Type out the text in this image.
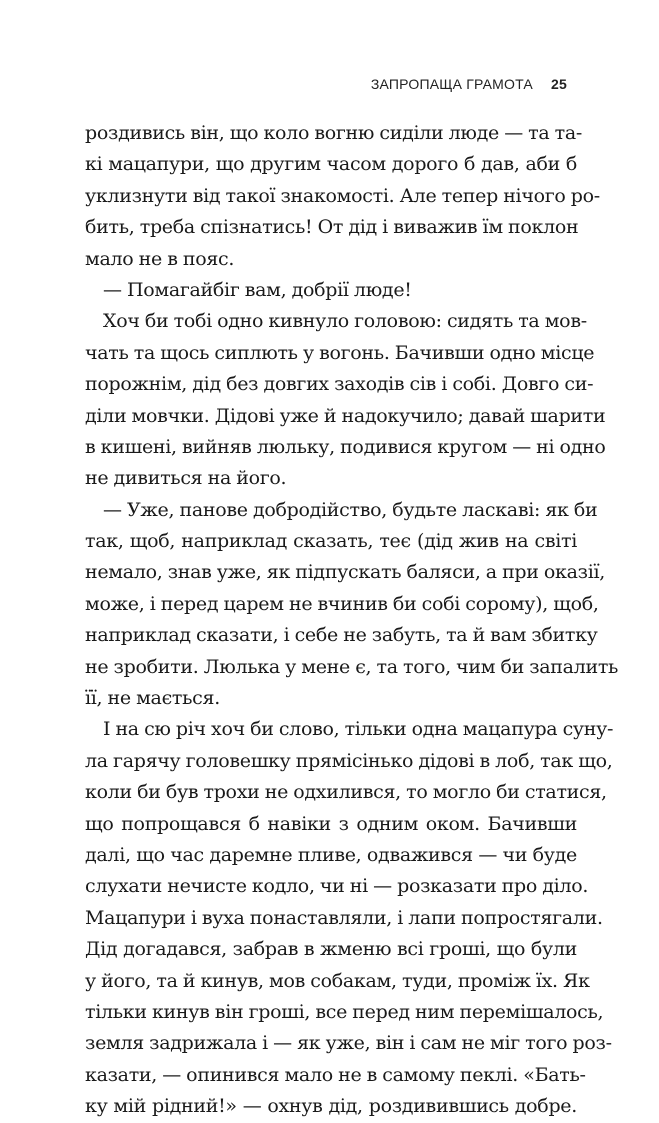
ЗАПРОПАЩА ГРАМОТА 25
роздивись він, що коло вогню сиділи люде — та та-
кі мацапури, що другим часом дорого б дав, аби б
уклизнути від такої знакомості. Але тепер нічого ро-
бить, треба спізнатись! От дід і виважив їм поклон
мало не в пояс.
— Помагайбіг вам, добрії люде!
Хоч би тобі одно кивнуло головою: сидять та мов-
чать та щось сиплють у вогонь. Бачивши одно місце
порожнім, дід без довгих заходів сів і собі. Довго си-
діли мовчки. Дідові уже й надокучило; давай шарити
в кишені, вийняв люльку, подивися кругом — ні одно
не дивиться на його.
— Уже, панове добродійство, будьте ласкаві: як би
так, щоб, наприклад сказать, теє (дід жив на світі
немало, знав уже, як підпускать баляси, а при оказії,
може, і перед царем не вчинив би собі сорому), щоб,
наприклад сказати, і себе не забуть, та й вам збитку
не зробити. Люлька у мене є, та того, чим би запалить
її, не мається.
І на сю річ хоч би слово, тільки одна мацапура суну-
ла гарячу головешку прямісінько дідові в лоб, так що,
коли би був трохи не одхилився, то могло би статися,
що попрощався б навіки з одним оком. Бачивши
далі, що час даремне пливе, одважився — чи буде
слухати нечисте кодло, чи ні — розказати про діло.
Мацапури і вуха понаставляли, і лапи попростягали.
Дід догадався, забрав в жменю всі гроші, що були
у його, та й кинув, мов собакам, туди, проміж їх. Як
тільки кинув він гроші, все перед ним перемішалось,
земля задрижала і — як уже, він і сам не міг того роз-
казати, — опинився мало не в самому пеклі. «Бать-
ку мій рідний!» — охнув дід, роздивившись добре.
